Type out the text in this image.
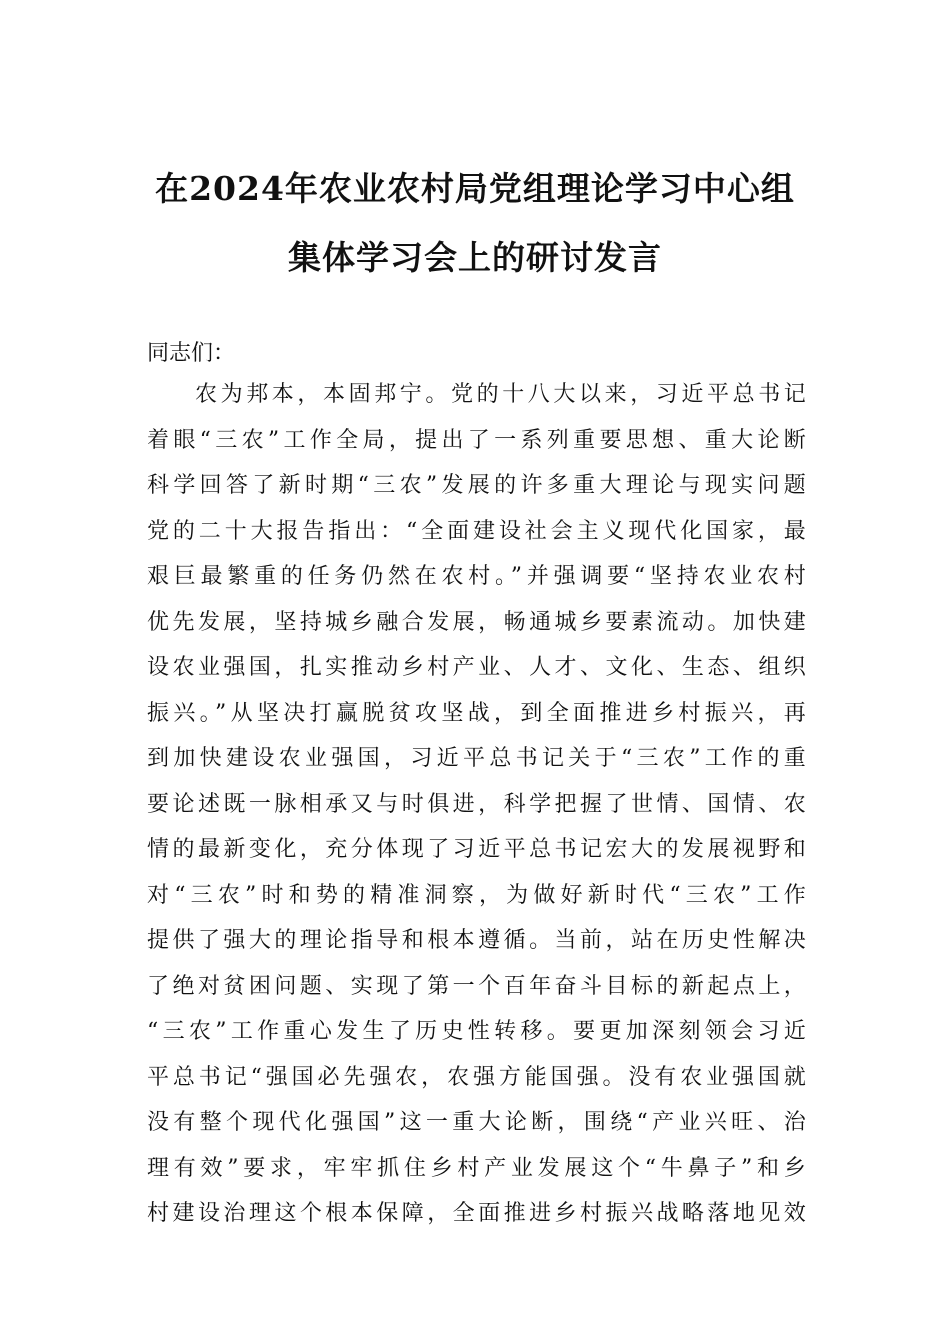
在2024年农业农村局党组理论学习中心组
集体学习会上的研讨发言

同志们：

农为邦本，本固邦宁。党的十八大以来，习近平总书记
着眼“三农”工作全局，提出了一系列重要思想、重大论断
科学回答了新时期“三农”发展的许多重大理论与现实问题
党的二十大报告指出：“全面建设社会主义现代化国家，最
艰巨最繁重的任务仍然在农村。”并强调要“坚持农业农村
优先发展，坚持城乡融合发展，畅通城乡要素流动。加快建
设农业强国，扎实推动乡村产业、人才、文化、生态、组织
振兴。”从坚决打赢脱贫攻坚战，到全面推进乡村振兴，再
到加快建设农业强国，习近平总书记关于“三农”工作的重
要论述既一脉相承又与时俱进，科学把握了世情、国情、农
情的最新变化，充分体现了习近平总书记宏大的发展视野和
对“三农”时和势的精准洞察，为做好新时代“三农”工作
提供了强大的理论指导和根本遵循。当前，站在历史性解决
了绝对贫困问题、实现了第一个百年奋斗目标的新起点上，
“三农”工作重心发生了历史性转移。要更加深刻领会习近
平总书记“强国必先强农，农强方能国强。没有农业强国就
没有整个现代化强国”这一重大论断，围绕“产业兴旺、治
理有效”要求，牢牢抓住乡村产业发展这个“牛鼻子”和乡
村建设治理这个根本保障，全面推进乡村振兴战略落地见效
